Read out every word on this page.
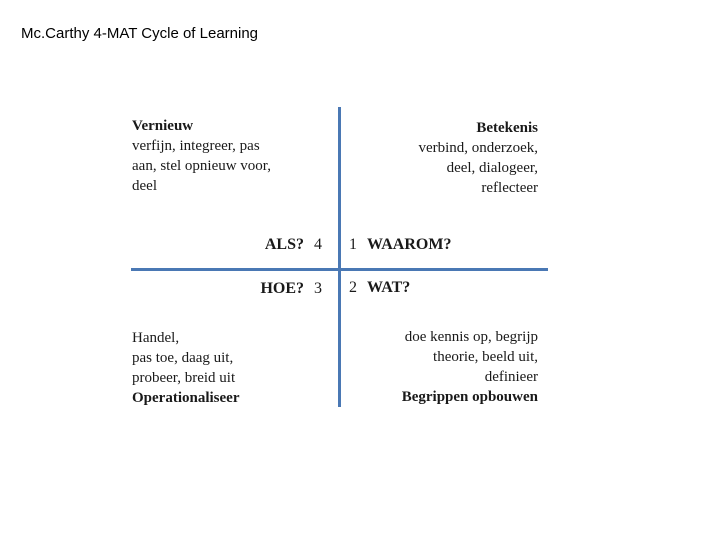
Mc.Carthy 4-MAT Cycle of Learning
Vernieuw
verfijn, integreer, pas
aan, stel opnieuw voor,
deel
Betekenis
verbind, onderzoek,
deel, dialogeer,
reflecteer
ALS? 4 1 WAAROM?
HOE? 3 2 WAT?
Handel,
pas toe, daag uit,
probeer, breid uit
Operationaliseer
doe kennis op, begrijp
theorie, beeld uit,
definieer
Begrippen opbouwen
